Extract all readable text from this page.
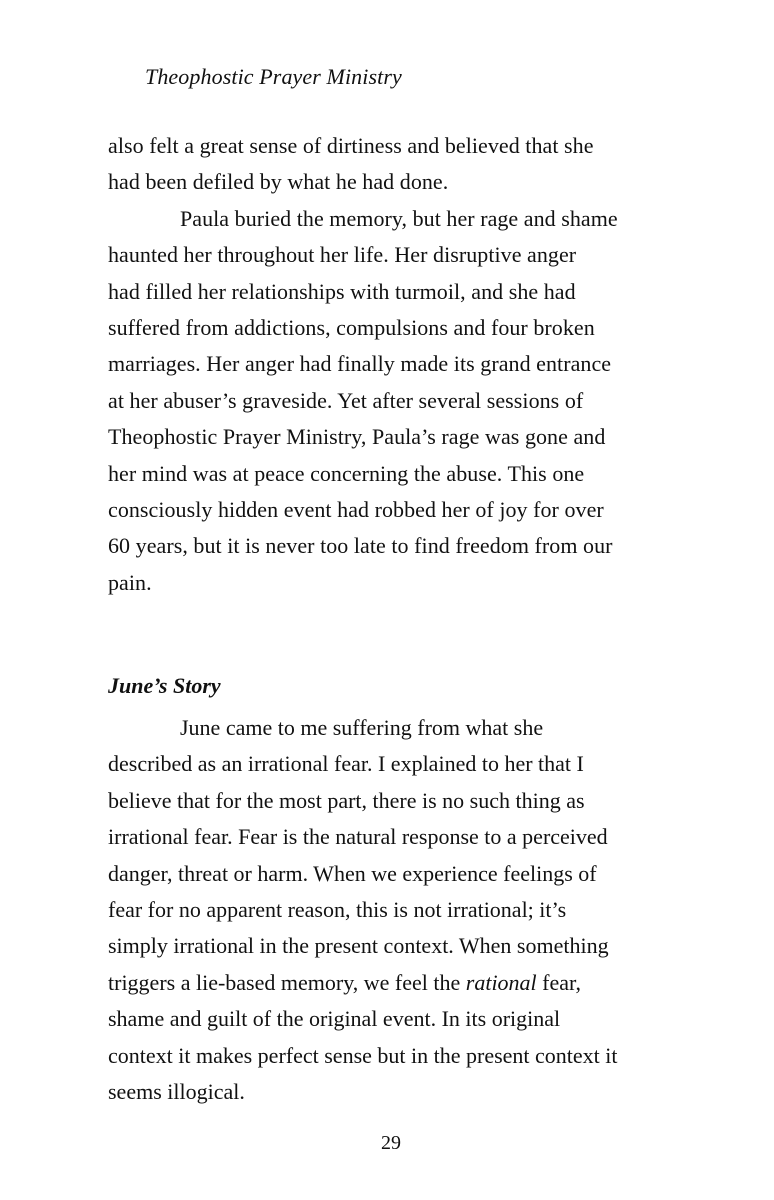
Theophostic Prayer Ministry

also felt a great sense of dirtiness and believed that she
had been defiled by what he had done.

Paula buried the memory, but her rage and shame
haunted her throughout her life. Her disruptive anger
had filled her relationships with turmoil, and she had
suffered from addictions, compulsions and four broken
marriages. Her anger had finally made its grand entrance
at her abuser’s graveside. Yet after several sessions of
Theophostic Prayer Ministry, Paula’s rage was gone and
her mind was at peace concerning the abuse. This one
consciously hidden event had robbed her of joy for over
60 years, but it is never too late to find freedom from our
pain.

June’s Story

June came to me suffering from what she
described as an irrational fear. I explained to her that I
believe that for the most part, there is no such thing as
irrational fear. Fear is the natural response to a perceived
danger, threat or harm. When we experience feelings of
fear for no apparent reason, this is not irrational; it’s
simply irrational in the present context. When something
triggers a lie-based memory, we feel the rational fear,
shame and guilt of the original event. In its original
context it makes perfect sense but in the present context it
seems illogical.

29
